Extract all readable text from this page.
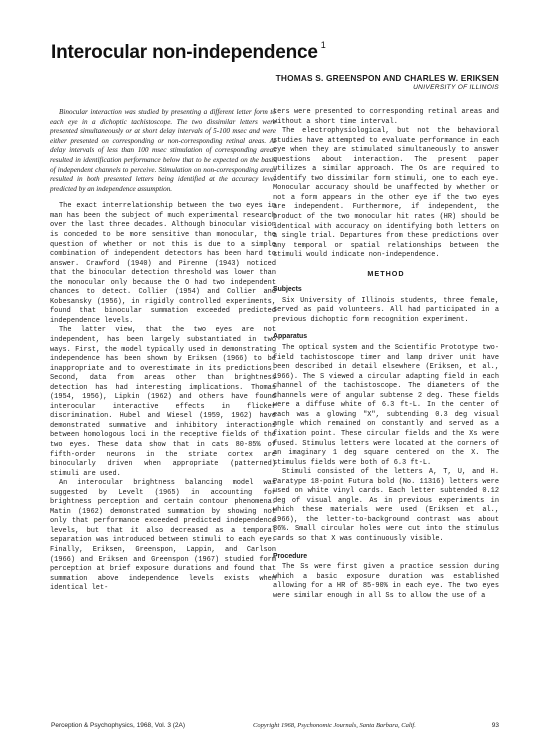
Interocular non-independence $^1$
THOMAS S. GREENSPON AND CHARLES W. ERIKSEN
UNIVERSITY OF ILLINOIS

Binocular interaction was studied by presenting a different letter form to each eye in a dichoptic tachistoscope. The two dissimilar letters were presented simultaneously or at short delay intervals of 5-100 msec and were either presented on corresponding or non-corresponding retinal areas. At delay intervals of less than 100 msec stimulation of corresponding areas resulted in identification performance below that to be expected on the basis of independent channels to perceive. Stimulation on non-corresponding areas resulted in both presented letters being identified at the accuracy level predicted by an independence assumption.

The exact interrelationship between the two eyes in man has been the subject of much experimental research over the last three decades. Although binocular vision is conceded to be more sensitive than monocular, the question of whether or not this is due to a simple combination of independent detectors has been hard to answer. Crawford (1940) and Pirenne (1943) noticed that the binocular detection threshold was lower than the monocular only because the O had two independent chances to detect. Collier (1954) and Collier and Kobesansky (1956), in rigidly controlled experiments, found that binocular summation exceeded predicted independence levels.

The latter view, that the two eyes are not independent, has been largely substantiated in two ways. First, the model typically used in demonstrating independence has been shown by Eriksen (1966) to be inappropriate and to overestimate in its predictions. Second, data from areas other than brightness detection has had interesting implications. Thomas (1954, 1956), Lipkin (1962) and others have found interocular interactive effects in flicker discrimination. Hubel and Wiesel (1959, 1962) have demonstrated summative and inhibitory interactions between homologous loci in the receptive fields of the two eyes. These data show that in cats 80-85% of fifth-order neurons in the striate cortex are binocularly driven when appropriate (patterned) stimuli are used.

An interocular brightness balancing model was suggested by Levelt (1965) in accounting for brightness perception and certain contour phenomena. Matin (1962) demonstrated summation by showing not only that performance exceeded predicted independence levels, but that it also decreased as a temporal separation was introduced between stimuli to each eye. Finally, Eriksen, Greenspon, Lappin, and Carlson (1966) and Eriksen and Greenspon (1967) studied form perception at brief exposure durations and found that summation above independence levels exists when identical let-

ters were presented to corresponding retinal areas and without a short time interval.

The electrophysiological, but not the behavioral studies have attempted to evaluate performance in each eye when they are stimulated simultaneously to answer questions about interaction. The present paper utilizes a similar approach. The Os are required to identify two dissimilar form stimuli, one to each eye. Monocular accuracy should be unaffected by whether or not a form appears in the other eye if the two eyes are independent. Furthermore, if independent, the product of the two monocular hit rates (HR) should be identical with accuracy on identifying both letters on a single trial. Departures from these predictions over any temporal or spatial relationships between the stimuli would indicate non-independence.

METHOD
Subjects

Six University of Illinois students, three female, served as paid volunteers. All had participated in a previous dichoptic form recognition experiment.

Apparatus

The optical system and the Scientific Prototype two-field tachistoscope timer and lamp driver unit have been described in detail elsewhere (Eriksen, et al., 1966). The S viewed a circular adapting field in each channel of the tachistoscope. The diameters of the channels were of angular subtense 2 deg. These fields were a diffuse white of 6.3 ft-L. In the center of each was a glowing "X", subtending 0.3 deg visual angle which remained on constantly and served as a fixation point. These circular fields and the Xs were fused. Stimulus letters were located at the corners of an imaginary 1 deg square centered on the X. The stimulus fields were both of 6.3 ft-L.

Stimuli consisted of the letters A, T, U, and H. Paratype 18-point Futura bold (No. 11316) letters were used on white vinyl cards. Each letter subtended 0.12 deg of visual angle. As in previous experiments in which these materials were used (Eriksen et al., 1966), the letter-to-background contrast was about 86%. Small circular holes were cut into the stimulus cards so that X was continuously visible.

Procedure

The Ss were first given a practice session during which a basic exposure duration was established allowing for a HR of 85-90% in each eye. The two eyes were similar enough in all Ss to allow the use of a

Perception & Psychophysics, 1968, Vol. 3 (2A)	Copyright 1968, Psychonomic Journals, Santa Barbara, Calif.	93
